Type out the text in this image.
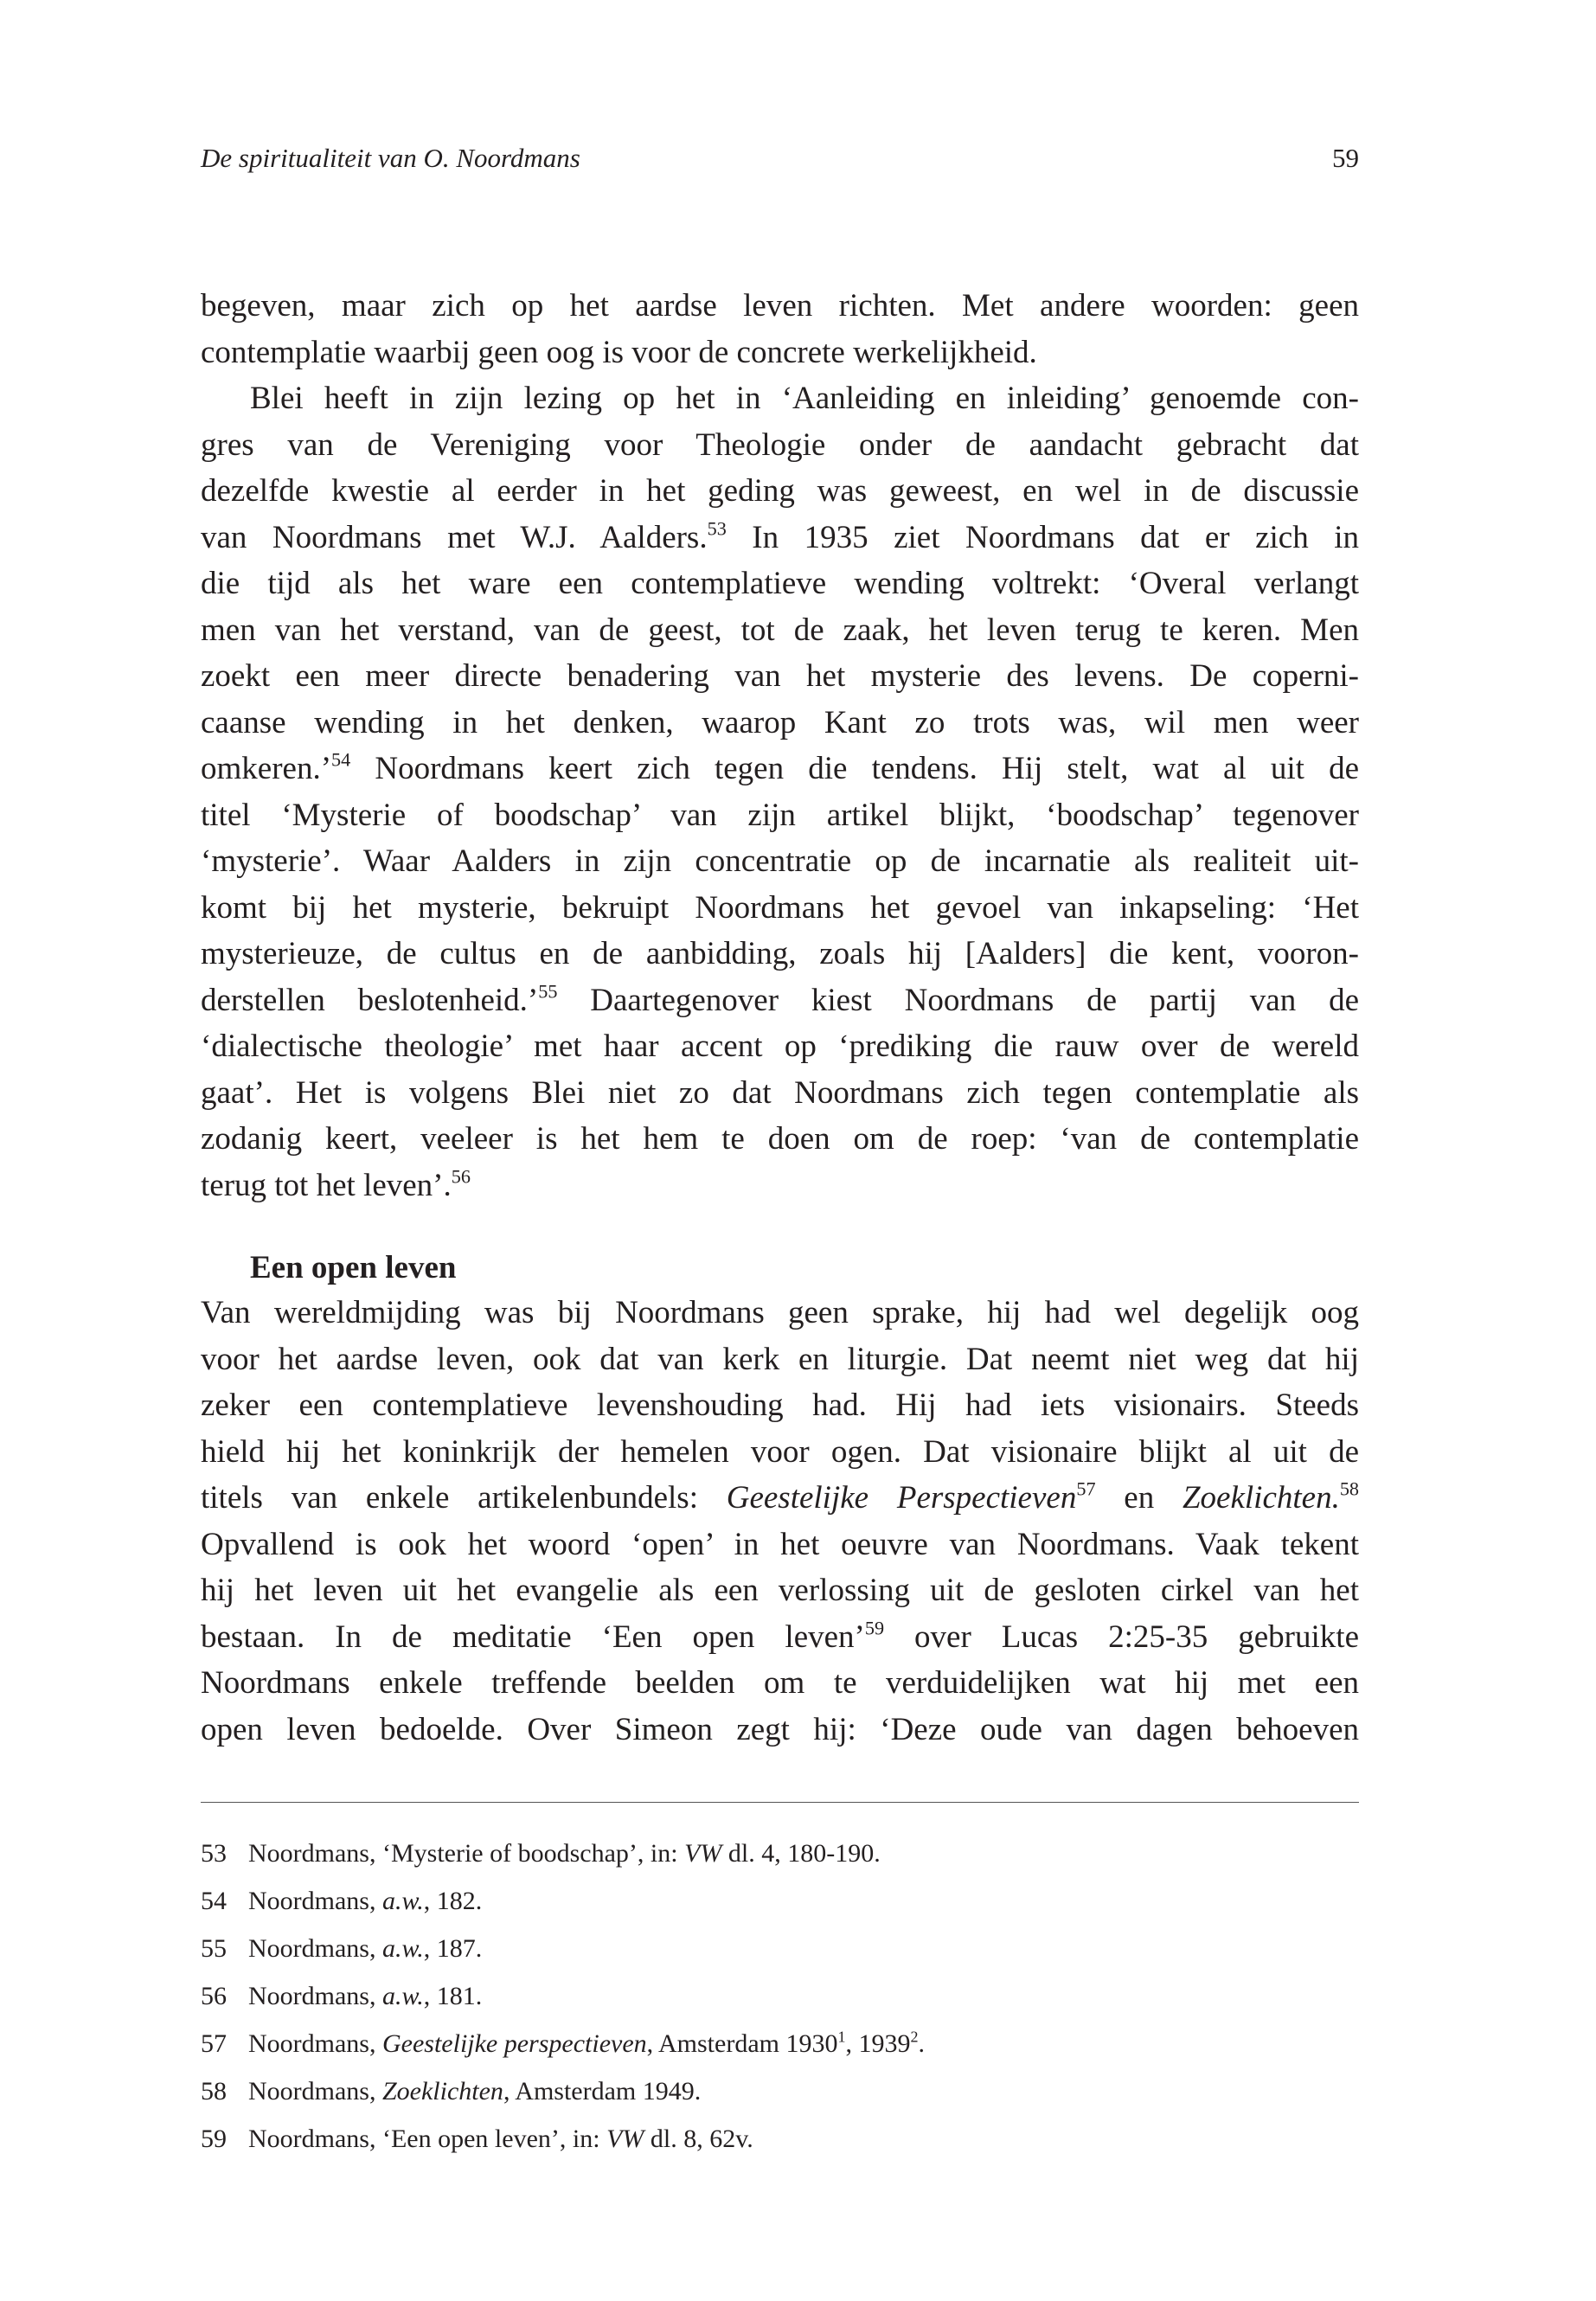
De spiritualiteit van O. Noordmans	59
begeven, maar zich op het aardse leven richten. Met andere woorden: geen
contemplatie waarbij geen oog is voor de concrete werkelijkheid.
Blei heeft in zijn lezing op het in ‘Aanleiding en inleiding’ genoemde con-
gres van de Vereniging voor Theologie onder de aandacht gebracht dat
dezelfde kwestie al eerder in het geding was geweest, en wel in de discussie
van Noordmans met W.J. Aalders.$^{53}$ In 1935 ziet Noordmans dat er zich in
die tijd als het ware een contemplatieve wending voltrekt: ‘Overal verlangt
men van het verstand, van de geest, tot de zaak, het leven terug te keren. Men
zoekt een meer directe benadering van het mysterie des levens. De coperni-
caanse wending in het denken, waarop Kant zo trots was, wil men weer
omkeren.’$^{54}$ Noordmans keert zich tegen die tendens. Hij stelt, wat al uit de
titel ‘Mysterie of boodschap’ van zijn artikel blijkt, ‘boodschap’ tegenover
‘mysterie’. Waar Aalders in zijn concentratie op de incarnatie als realiteit uit-
komt bij het mysterie, bekruipt Noordmans het gevoel van inkapseling: ‘Het
mysterieuze, de cultus en de aanbidding, zoals hij [Aalders] die kent, vooron-
derstellen beslotenheid.’$^{55}$ Daartegenover kiest Noordmans de partij van de
‘dialectische theologie’ met haar accent op ‘prediking die rauw over de wereld
gaat’. Het is volgens Blei niet zo dat Noordmans zich tegen contemplatie als
zodanig keert, veeleer is het hem te doen om de roep: ‘van de contemplatie
terug tot het leven’.$^{56}$
Een open leven
Van wereldmijding was bij Noordmans geen sprake, hij had wel degelijk oog
voor het aardse leven, ook dat van kerk en liturgie. Dat neemt niet weg dat hij
zeker een contemplatieve levenshouding had. Hij had iets visionairs. Steeds
hield hij het koninkrijk der hemelen voor ogen. Dat visionaire blijkt al uit de
titels van enkele artikelenbundels: Geestelijke Perspectieven$^{57}$ en Zoeklichten.$^{58}$
Opvallend is ook het woord ‘open’ in het oeuvre van Noordmans. Vaak tekent
hij het leven uit het evangelie als een verlossing uit de gesloten cirkel van het
bestaan. In de meditatie ‘Een open leven’$^{59}$ over Lucas 2:25-35 gebruikte
Noordmans enkele treffende beelden om te verduidelijken wat hij met een
open leven bedoelde. Over Simeon zegt hij: ‘Deze oude van dagen behoeven
53 Noordmans, ‘Mysterie of boodschap’, in: VW dl. 4, 180-190.
54 Noordmans, a.w., 182.
55 Noordmans, a.w., 187.
56 Noordmans, a.w., 181.
57 Noordmans, Geestelijke perspectieven, Amsterdam 1930$^1$, 1939$^2$.
58 Noordmans, Zoeklichten, Amsterdam 1949.
59 Noordmans, ‘Een open leven’, in: VW dl. 8, 62v.
